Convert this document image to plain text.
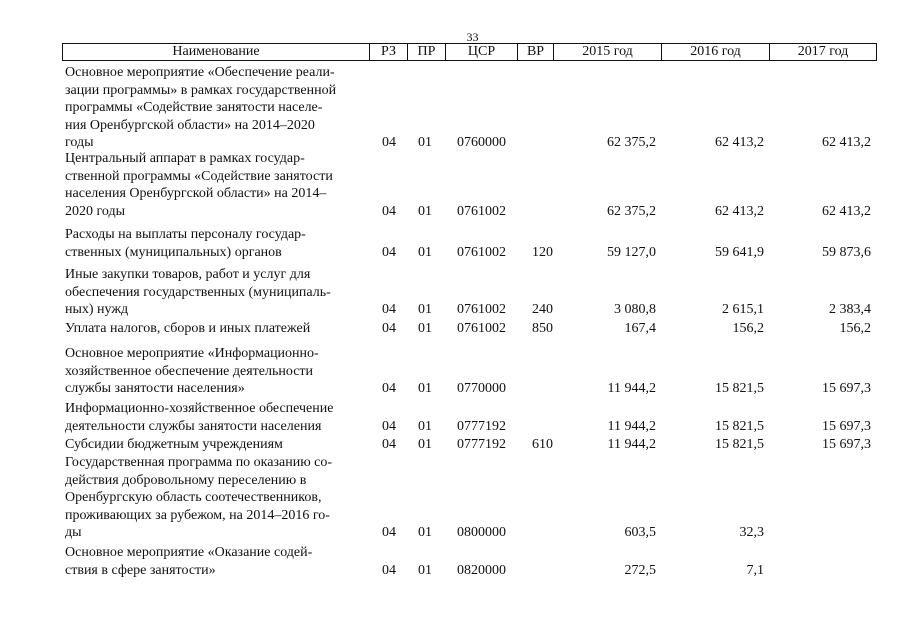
33
Наименование	РЗ	ПР	ЦСР	ВР	2015 год	2016 год	2017 год
Основное мероприятие «Обеспечение реали-
зации программы» в рамках государственной
программы «Содействие занятости населе-
ния Оренбургской области» на 2014–2020
годы	04 01 0760000	62 375,2	62 413,2	62 413,2
Центральный аппарат в рамках государ-
ственной программы «Содействие занятости
населения Оренбургской области» на 2014–
2020 годы	04 01 0761002	62 375,2	62 413,2	62 413,2
Расходы на выплаты персоналу государ-
ственных (муниципальных) органов	04 01 0761002 120	59 127,0	59 641,9	59 873,6
Иные закупки товаров, работ и услуг для
обеспечения государственных (муниципаль-
ных) нужд	04 01 0761002 240	3 080,8	2 615,1	2 383,4
Уплата налогов, сборов и иных платежей	04 01 0761002 850	167,4	156,2	156,2
Основное мероприятие «Информационно-
хозяйственное обеспечение деятельности
службы занятости населения»	04 01 0770000	11 944,2	15 821,5	15 697,3
Информационно-хозяйственное обеспечение
деятельности службы занятости населения	04 01 0777192	11 944,2	15 821,5	15 697,3
Субсидии бюджетным учреждениям	04 01 0777192 610	11 944,2	15 821,5	15 697,3
Государственная программа по оказанию со-
действия добровольному переселению в
Оренбургскую область соотечественников,
проживающих за рубежом, на 2014–2016 го-
ды	04 01 0800000	603,5	32,3
Основное мероприятие «Оказание содей-
ствия в сфере занятости»	04 01 0820000	272,5	7,1
